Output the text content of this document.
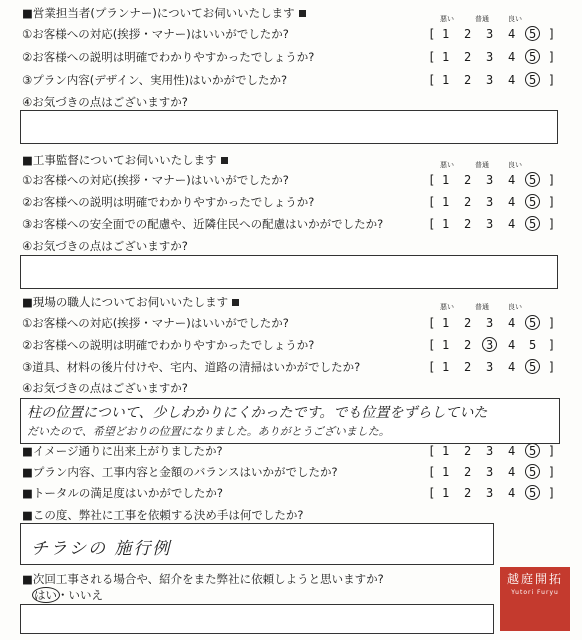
■営業担当者(プランナー)についてお伺いいたします	悪い	普通	良い
①お客様への対応(挨拶・マナー)はいいがでしたか?	[ 1 2 3 4 5 ]
②お客様への説明は明確でわかりやすかったでしょうか?	[ 1 2 3 4 5 ]
③プラン内容(デザイン、実用性)はいかがでしたか?	[ 1 2 3 4 5 ]
④お気づきの点はございますか?
■工事監督についてお伺いいたします	悪い	普通	良い
①お客様への対応(挨拶・マナー)はいいがでしたか?	[ 1 2 3 4 5 ]
②お客様への説明は明確でわかりやすかったでしょうか?	[ 1 2 3 4 5 ]
③お客様への安全面での配慮や、近隣住民への配慮はいかがでしたか?	[ 1 2 3 4 5 ]
④お気づきの点はございますか?
■現場の職人についてお伺いいたします	悪い	普通	良い
①お客様への対応(挨拶・マナー)はいいがでしたか?	[ 1 2 3 4 5 ]
②お客様への説明は明確でわかりやすかったでしょうか?	[ 1 2 3 4 5 ]
③道具、材料の後片付けや、宅内、道路の清掃はいかがでしたか?	[ 1 2 3 4 5 ]
④お気づきの点はございますか?
柱の位置について、少しわかりにくかったです。でも位置をずらしていた
だいたので、希望どおりの位置になりました。ありがとうございました。
■イメージ通りに出来上がりましたか?	[ 1 2 3 4 5 ]
■プラン内容、工事内容と金額のバランスはいかがでしたか?	[ 1 2 3 4 5 ]
■トータルの満足度はいかがでしたか?	[ 1 2 3 4 5 ]
■この度、弊社に工事を依頼する決め手は何でしたか?
チラシの 施行例
■次回工事される場合や、紹介をまた弊社に依頼しようと思いますか?
はい・いいえ
越庭開拓
Yutori Furyu
